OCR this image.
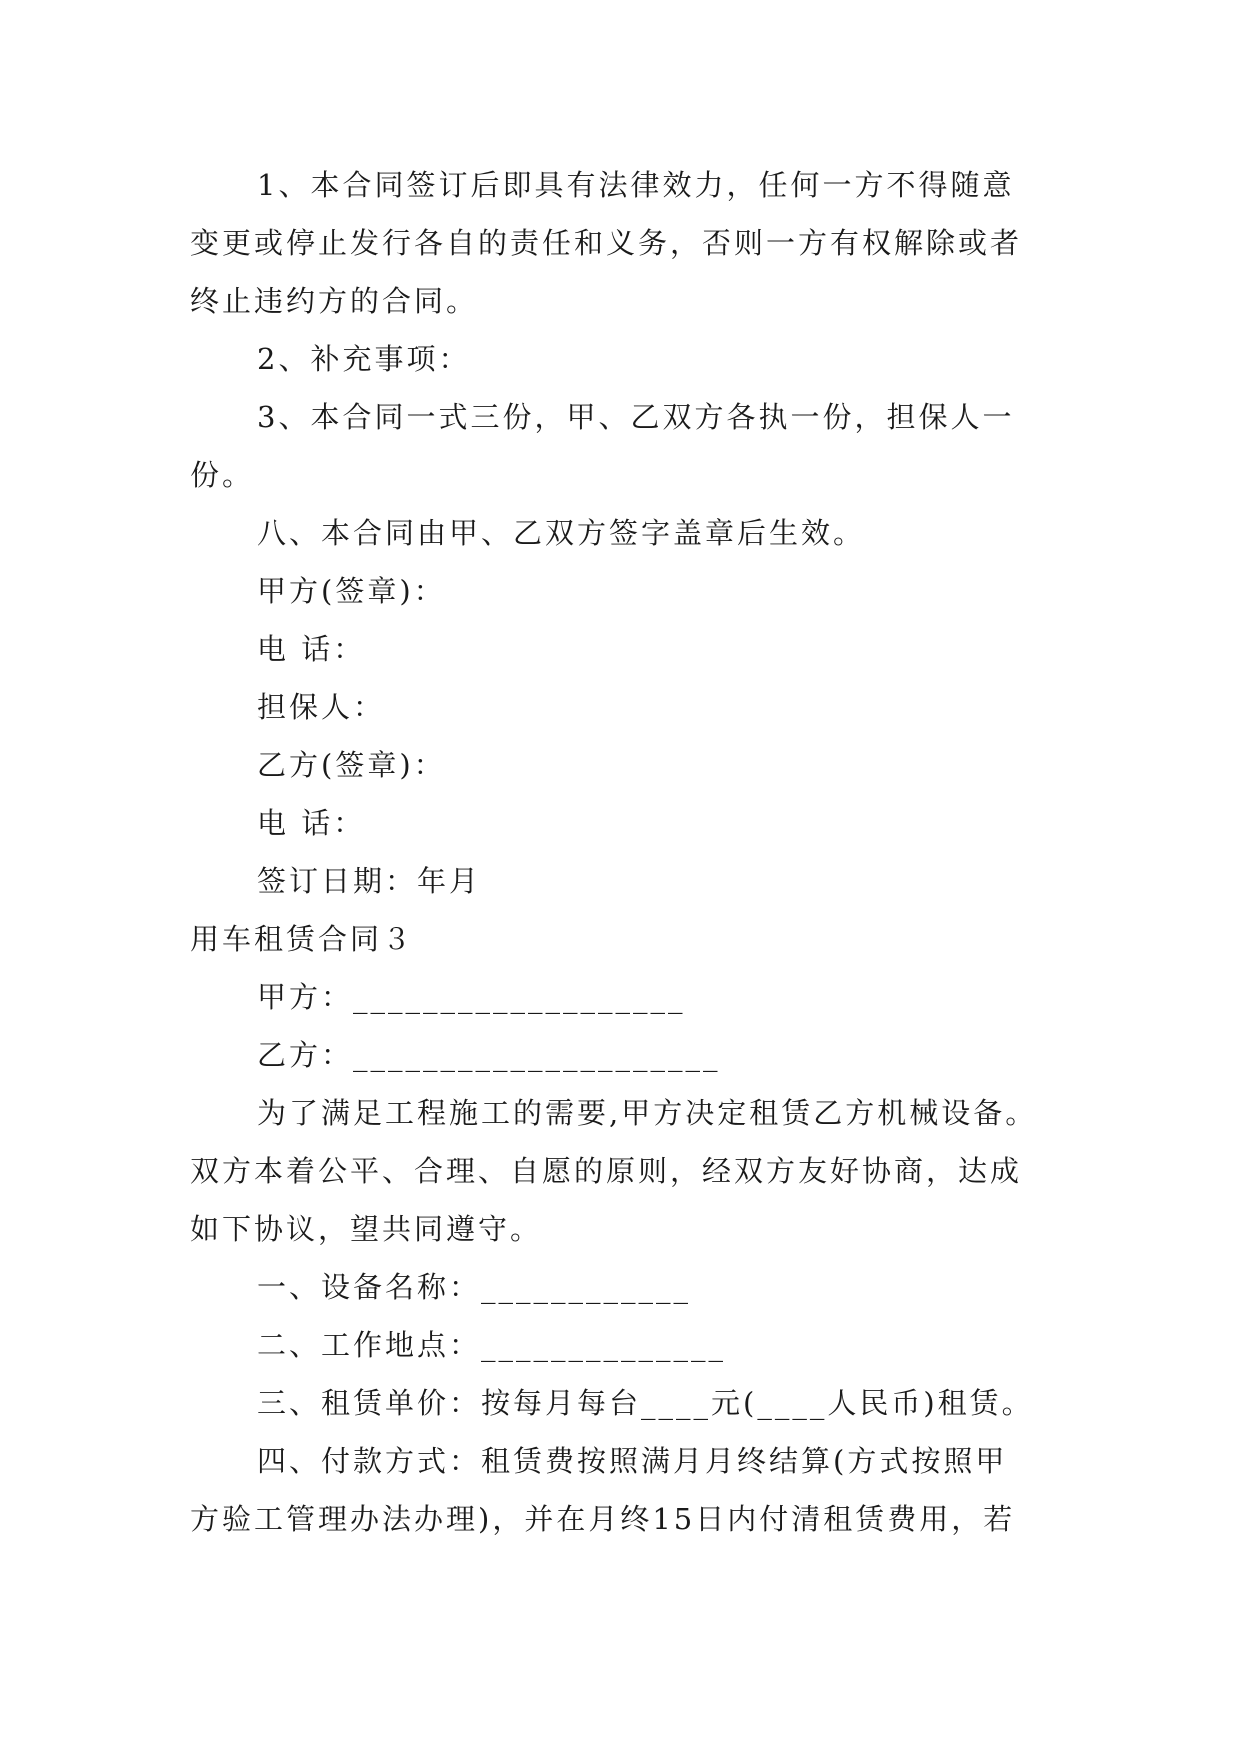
1、本合同签订后即具有法律效力，任何一方不得随意
变更或停止发行各自的责任和义务，否则一方有权解除或者
终止违约方的合同。
2、补充事项：
3、本合同一式三份，甲、乙双方各执一份，担保人一
份。
八、本合同由甲、乙双方签字盖章后生效。
甲方(签章)：
电 话：
担保人：
乙方(签章)：
电 话：
签订日期：年月
用车租赁合同３
甲方：___________________
乙方：_____________________
为了满足工程施工的需要,甲方决定租赁乙方机械设备。
双方本着公平、合理、自愿的原则，经双方友好协商，达成
如下协议，望共同遵守。
一、设备名称：____________
二、工作地点：______________
三、租赁单价：按每月每台____元(____人民币)租赁。
四、付款方式：租赁费按照满月月终结算(方式按照甲
方验工管理办法办理)，并在月终15日内付清租赁费用，若
